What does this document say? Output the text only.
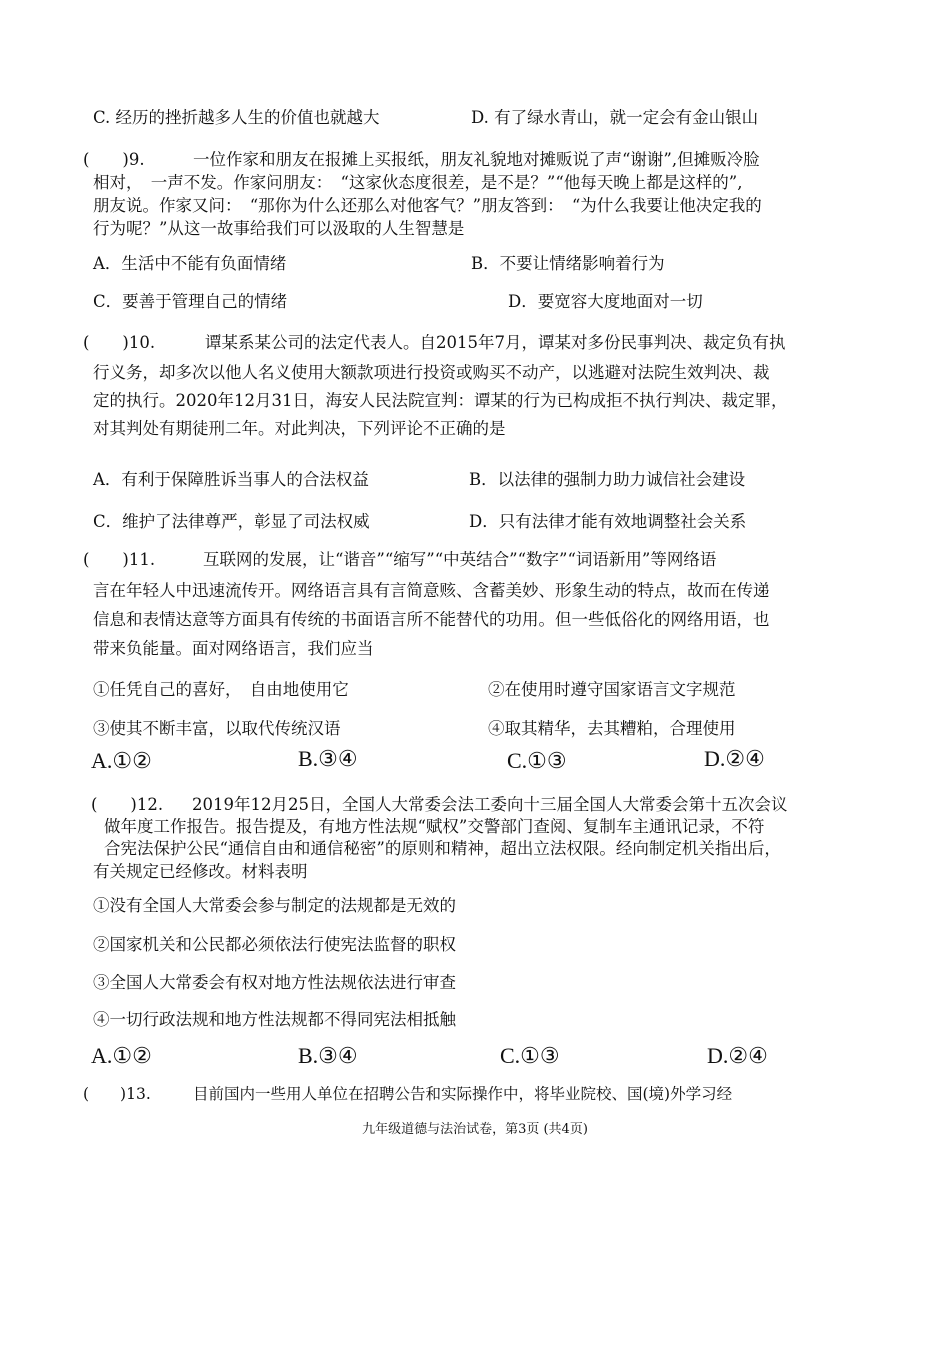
C. 经历的挫折越多人生的价值也就越大	D. 有了绿水青山，就一定会有金山银山
(　　)9.	一位作家和朋友在报摊上买报纸，朋友礼貌地对摊贩说了声“谢谢”,但摊贩冷脸
相对，　一声不发。作家问朋友：　“这家伙态度很差，是不是？”“他每天晚上都是这样的”,
朋友说。作家又问：　“那你为什么还那么对他客气？”朋友答到：　“为什么我要让他决定我的
行为呢？”从这一故事给我们可以汲取的人生智慧是
A．生活中不能有负面情绪	B．不要让情绪影响着行为
C．要善于管理自己的情绪	D．要宽容大度地面对一切
(　　)10.	谭某系某公司的法定代表人。自2015年7月，谭某对多份民事判决、裁定负有执
行义务，却多次以他人名义使用大额款项进行投资或购买不动产，以逃避对法院生效判决、裁
定的执行。2020年12月31日，海安人民法院宣判：谭某的行为已构成拒不执行判决、裁定罪，
对其判处有期徒刑二年。对此判决，下列评论不正确的是
A．有利于保障胜诉当事人的合法权益	B．以法律的强制力助力诚信社会建设
C．维护了法律尊严，彰显了司法权威	D．只有法律才能有效地调整社会关系
(　　)11.	互联网的发展，让“谐音”“缩写”“中英结合”“数字”“词语新用”等网络语
言在年轻人中迅速流传开。网络语言具有言简意赅、含蓄美妙、形象生动的特点，故而在传递
信息和表情达意等方面具有传统的书面语言所不能替代的功用。但一些低俗化的网络用语，也
带来负能量。面对网络语言，我们应当
①任凭自己的喜好，　自由地使用它	②在使用时遵守国家语言文字规范
③使其不断丰富，以取代传统汉语	④取其精华，去其糟粕，合理使用
A.①②	B.③④	C.①③	D.②④
(　　)12. 2019年12月25日，全国人大常委会法工委向十三届全国人大常委会第十五次会议
做年度工作报告。报告提及，有地方性法规“赋权”交警部门查阅、复制车主通讯记录，不符
合宪法保护公民“通信自由和通信秘密”的原则和精神，超出立法权限。经向制定机关指出后，
有关规定已经修改。材料表明
①没有全国人大常委会参与制定的法规都是无效的
②国家机关和公民都必须依法行使宪法监督的职权
③全国人大常委会有权对地方性法规依法进行审查
④一切行政法规和地方性法规都不得同宪法相抵触
A.①②	B.③④	C.①③	D.②④
(　　)13.	目前国内一些用人单位在招聘公告和实际操作中，将毕业院校、国(境)外学习经
九年级道德与法治试卷，第3页 (共4页)
